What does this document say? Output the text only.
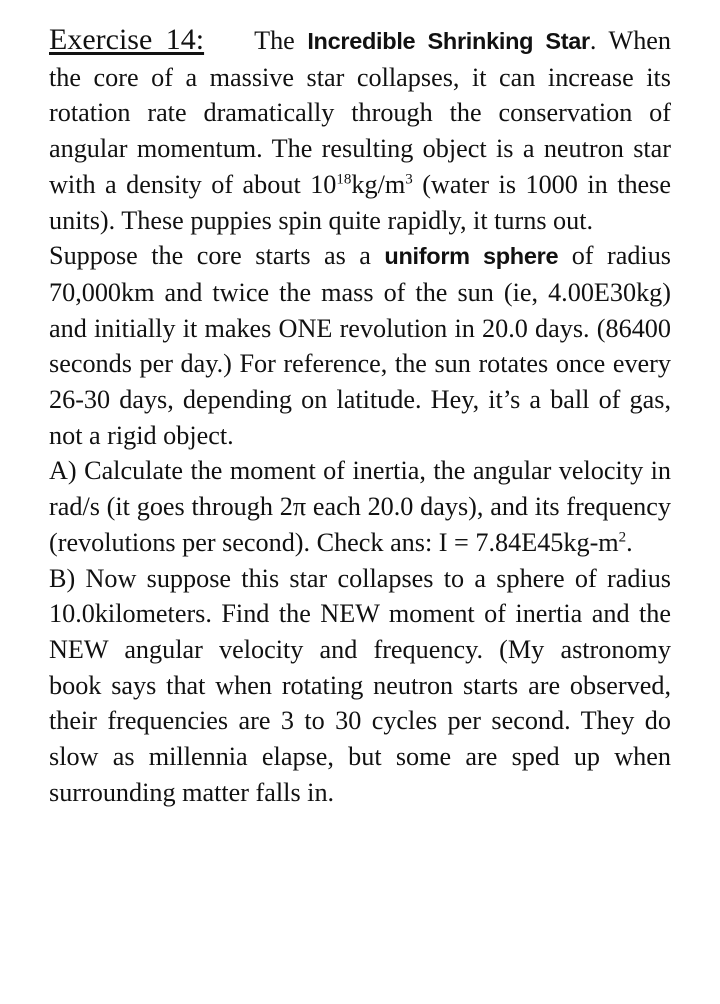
Exercise 14: The Incredible Shrinking Star. When the core of a massive star collapses, it can increase its rotation rate dramatically through the conservation of angular momentum. The resulting object is a neutron star with a density of about $10^{18}kg/m^3$ (water is 1000 in these units). These puppies spin quite rapidly, it turns out.

Suppose the core starts as a uniform sphere of radius 70,000km and twice the mass of the sun (ie, 4.00E30kg) and initially it makes ONE revolution in 20.0 days. (86400 seconds per day.) For reference, the sun rotates once every 26-30 days, depending on latitude. Hey, it’s a ball of gas, not a rigid object.

A) Calculate the moment of inertia, the angular velocity in rad/s (it goes through 2π each 20.0 days), and its frequency (revolutions per second). Check ans: $I = 7.84E45kg-m^2$.

B) Now suppose this star collapses to a sphere of radius 10.0kilometers. Find the NEW moment of inertia and the NEW angular velocity and frequency. (My astronomy book says that when rotating neutron starts are observed, their frequencies are 3 to 30 cycles per second. They do slow as millennia elapse, but some are sped up when surrounding matter falls in.
